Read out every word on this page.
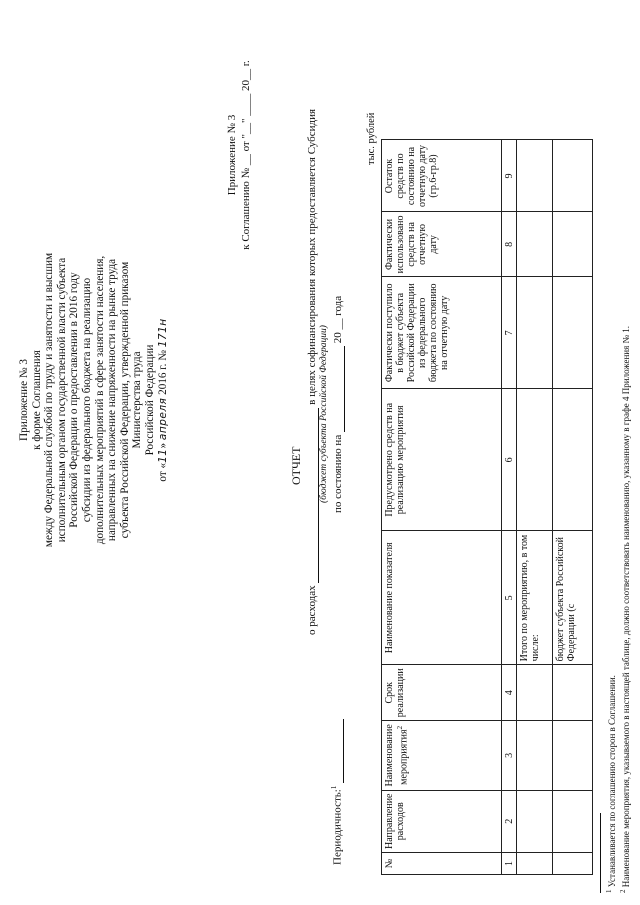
Приложение № 3 к форме Соглашения между Федеральной службой по труду и занятости и высшим исполнительным органом государственной власти субъекта Российской Федерации о предоставлении в 2016 году субсидии из федерального бюджета на реализацию дополнительных мероприятий в сфере занятости населения, направленных на снижение напряженности на рынке труда субъекта Российской Федерации, утвержденной приказом Министерства труда Российской Федерации
от «11» апреля 2016 г. № 171н
Приложение № 3 к Соглашению № __ от "__" ____ 20__ г.
ОТЧЕТ
о расходах  в целях софинансирования которых предоставляется Субсидия
(бюджет субъекта Российской Федерации) по состоянию на  20 __ года
Периодичность:$^1$
тыс. рублей
№	Направление расходов	Наименование мероприятия$^2$	Срок реализации	Наименование показателя	Предусмотрено средств на реализацию мероприятия	Фактически поступило в бюджет субъекта Российской Федерации из федерального бюджета по состоянию на отчетную дату	Фактически использовано средств на отчетную дату	Остаток средств по состоянию на отчетную дату (гр.6-гр.8)
1	2	3	4	5	6	7	8	9
				Итого по мероприятию, в том числе:				
				бюджет субъекта Российской Федерации (с				
$^1$ Устанавливается по соглашению сторон в Соглашении.
$^2$ Наименование мероприятия, указываемого в настоящей таблице, должно соответствовать наименованию, указанному в графе 4 Приложения № 1.
